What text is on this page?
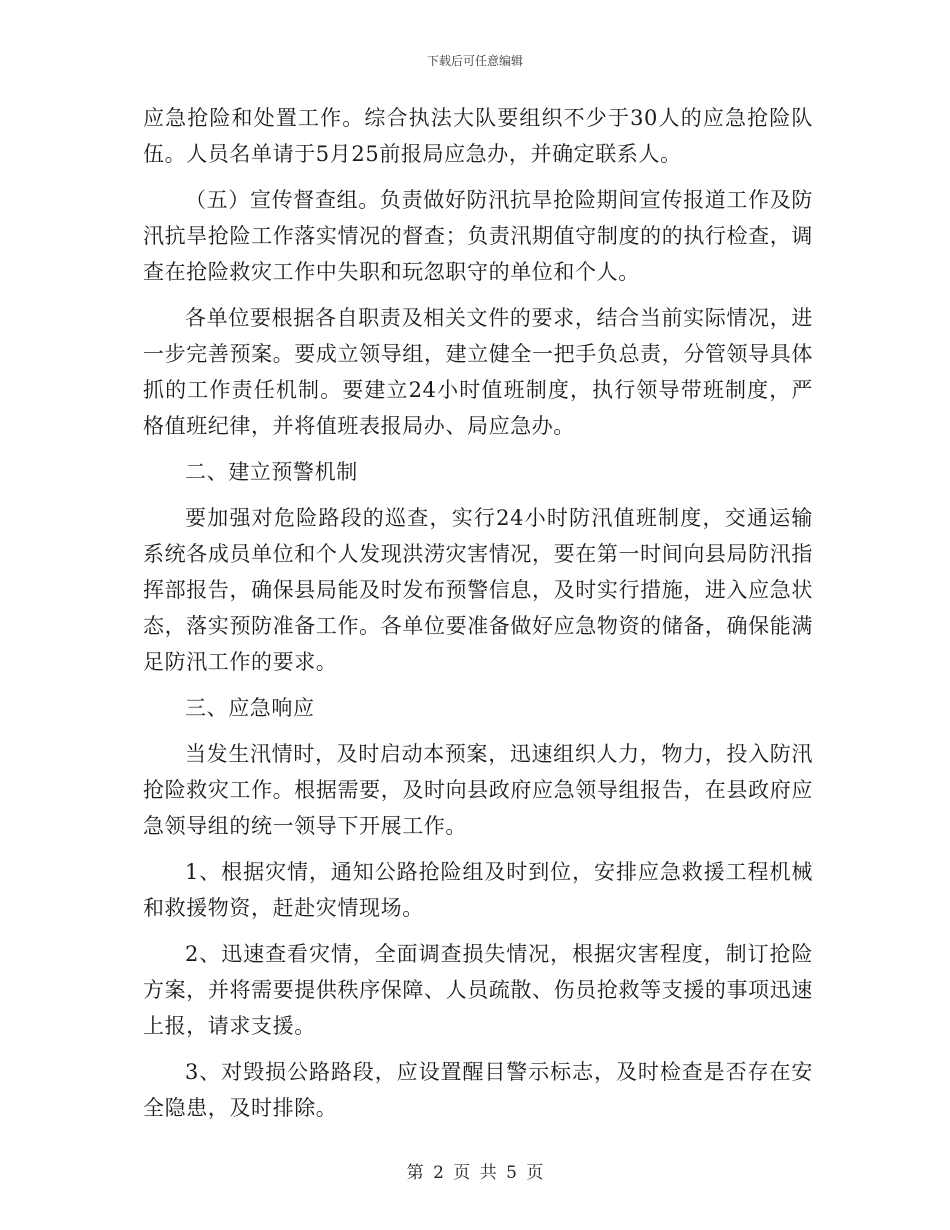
下载后可任意编辑

应急抢险和处置工作。综合执法大队要组织不少于30人的应急抢险队伍。人员名单请于5月25前报局应急办，并确定联系人。

（五）宣传督查组。负责做好防汛抗旱抢险期间宣传报道工作及防汛抗旱抢险工作落实情况的督查；负责汛期值守制度的的执行检查，调查在抢险救灾工作中失职和玩忽职守的单位和个人。

各单位要根据各自职责及相关文件的要求，结合当前实际情况，进一步完善预案。要成立领导组，建立健全一把手负总责，分管领导具体抓的工作责任机制。要建立24小时值班制度，执行领导带班制度，严格值班纪律，并将值班表报局办、局应急办。

二、建立预警机制

要加强对危险路段的巡查，实行24小时防汛值班制度，交通运输系统各成员单位和个人发现洪涝灾害情况，要在第一时间向县局防汛指挥部报告，确保县局能及时发布预警信息，及时实行措施，进入应急状态，落实预防准备工作。各单位要准备做好应急物资的储备，确保能满足防汛工作的要求。

三、应急响应

当发生汛情时，及时启动本预案，迅速组织人力，物力，投入防汛抢险救灾工作。根据需要，及时向县政府应急领导组报告，在县政府应急领导组的统一领导下开展工作。

1、根据灾情，通知公路抢险组及时到位，安排应急救援工程机械和救援物资，赶赴灾情现场。

2、迅速查看灾情，全面调查损失情况，根据灾害程度，制订抢险方案，并将需要提供秩序保障、人员疏散、伤员抢救等支援的事项迅速上报，请求支援。

3、对毁损公路路段，应设置醒目警示标志，及时检查是否存在安全隐患，及时排除。

第 2 页 共 5 页
